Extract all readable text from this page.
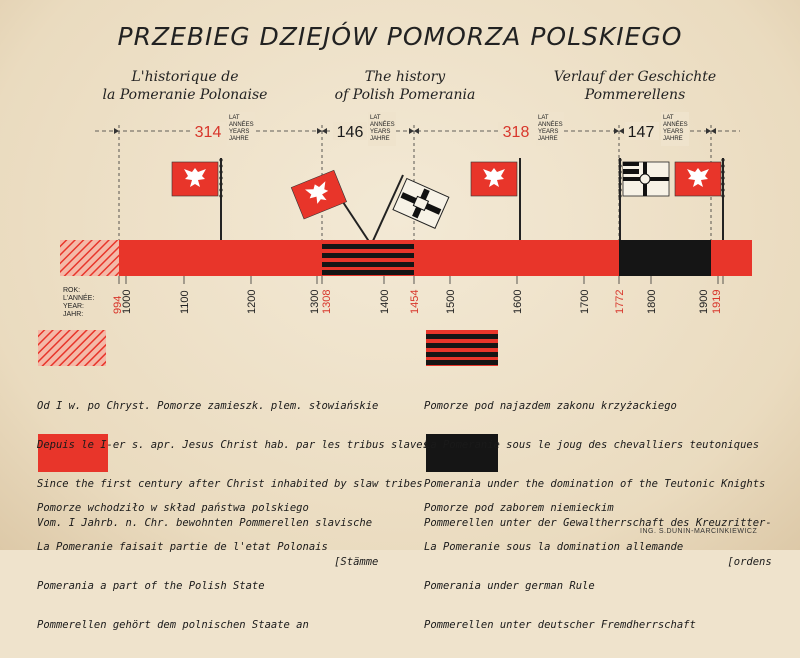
PRZEBIEG DZIEJÓW POMORZA POLSKIEGO
L'historique de
la Pomeranie Polonaise
The history
of Polish Pomerania
Verlauf der Geschichte
Pommerellens
314
LAT
ANNÉES
YEARS
JAHRE	146
LAT
ANNÉES
YEARS
JAHRE	318
LAT
ANNÉES
YEARS
JAHRE	147
LAT
ANNÉES
YEARS
JAHRE
ROK:
L'ANNÉE:
YEAR:
JAHR:
994
1000	1100	1200	1300 1308	1400 1454 1500	1600	1700 1772 1800	1900 1919

Od I w. po Chryst. Pomorze zamieszk. plem. słowiańskie

Depuis le I-er s. apr. Jesus Christ hab. par les tribus slaves

Since the first century after Christ inhabited by slaw tribes

Vom. I Jahrb. n. Chr. bewohnten Pommerellen slavische

[Stämme

Pomorze pod najazdem zakonu krzyżackiego

La Pomeranie sous le joug des chevalliers teutoniques

Pomerania under the domination of the Teutonic Knights

Pommerellen unter der Gewaltherrschaft des Kreuzritter-

[ordens

Pomorze wchodziło w skład państwa polskiego

La Pomeranie faisait partie de l'etat Polonais

Pomerania a part of the Polish State

Pommerellen gehört dem polnischen Staate an

Pomorze pod zaborem niemieckim

La Pomeranie sous la domination allemande

Pomerania under german Rule

Pommerellen unter deutscher Fremdherrschaft

ING. S.DUNIN-MARCINKIEWICZ
